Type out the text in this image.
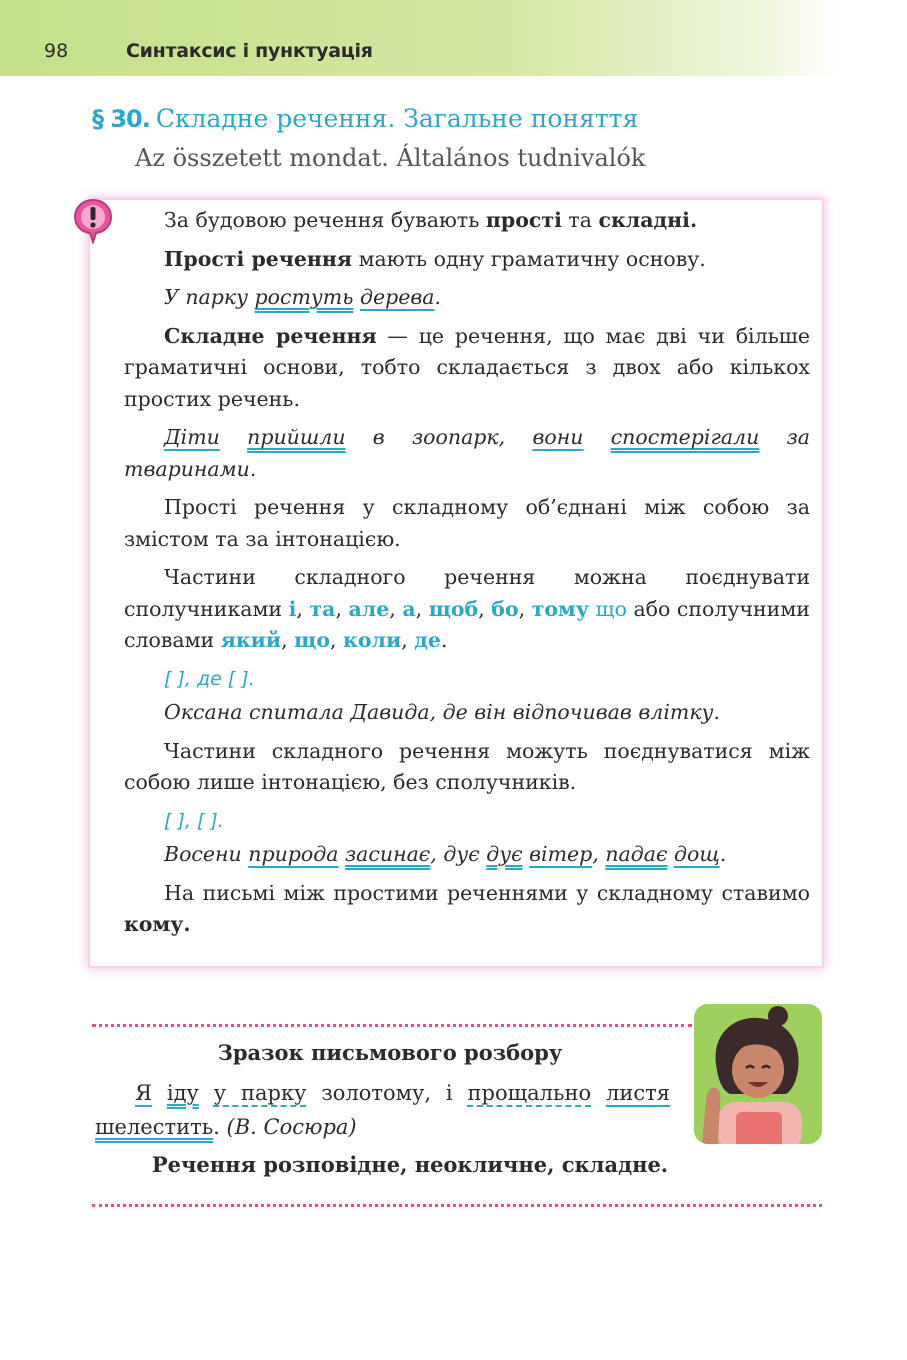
98	Синтаксис і пунктуація
§ 30. Складне речення. Загальне поняття
Az összetett mondat. Általános tudnivalók

За будовою речення бувають прості та складні.

Прості речення мають одну граматичну основу.

У парку ростуть дерева.

Складне речення — це речення, що має дві чи більше граматичні основи, тобто складається з двох або кількох простих речень.

Діти прийшли в зоопарк, вони спостерігали за тваринами.

Прості речення у складному об’єднані між собою за змістом та за інтонацією.

Частини складного речення можна поєднувати сполучниками і, та, але, а, щоб, бо, тому що або сполучними словами який, що, коли, де.

[ ], де [ ].

Оксана спитала Давида, де він відпочивав влітку.

Частини складного речення можуть поєднуватися між собою лише інтонацією, без сполучників.

[ ], [ ].

Восени природа засинає, дує дує вітер, падає дощ.

На письмі між простими реченнями у складному ставимо кому.

Зразок письмового розбору
Я іду у парку золотому, і прощально листя шелестить. (В. Сосюра)
Речення розповідне, неокличне, складне.
